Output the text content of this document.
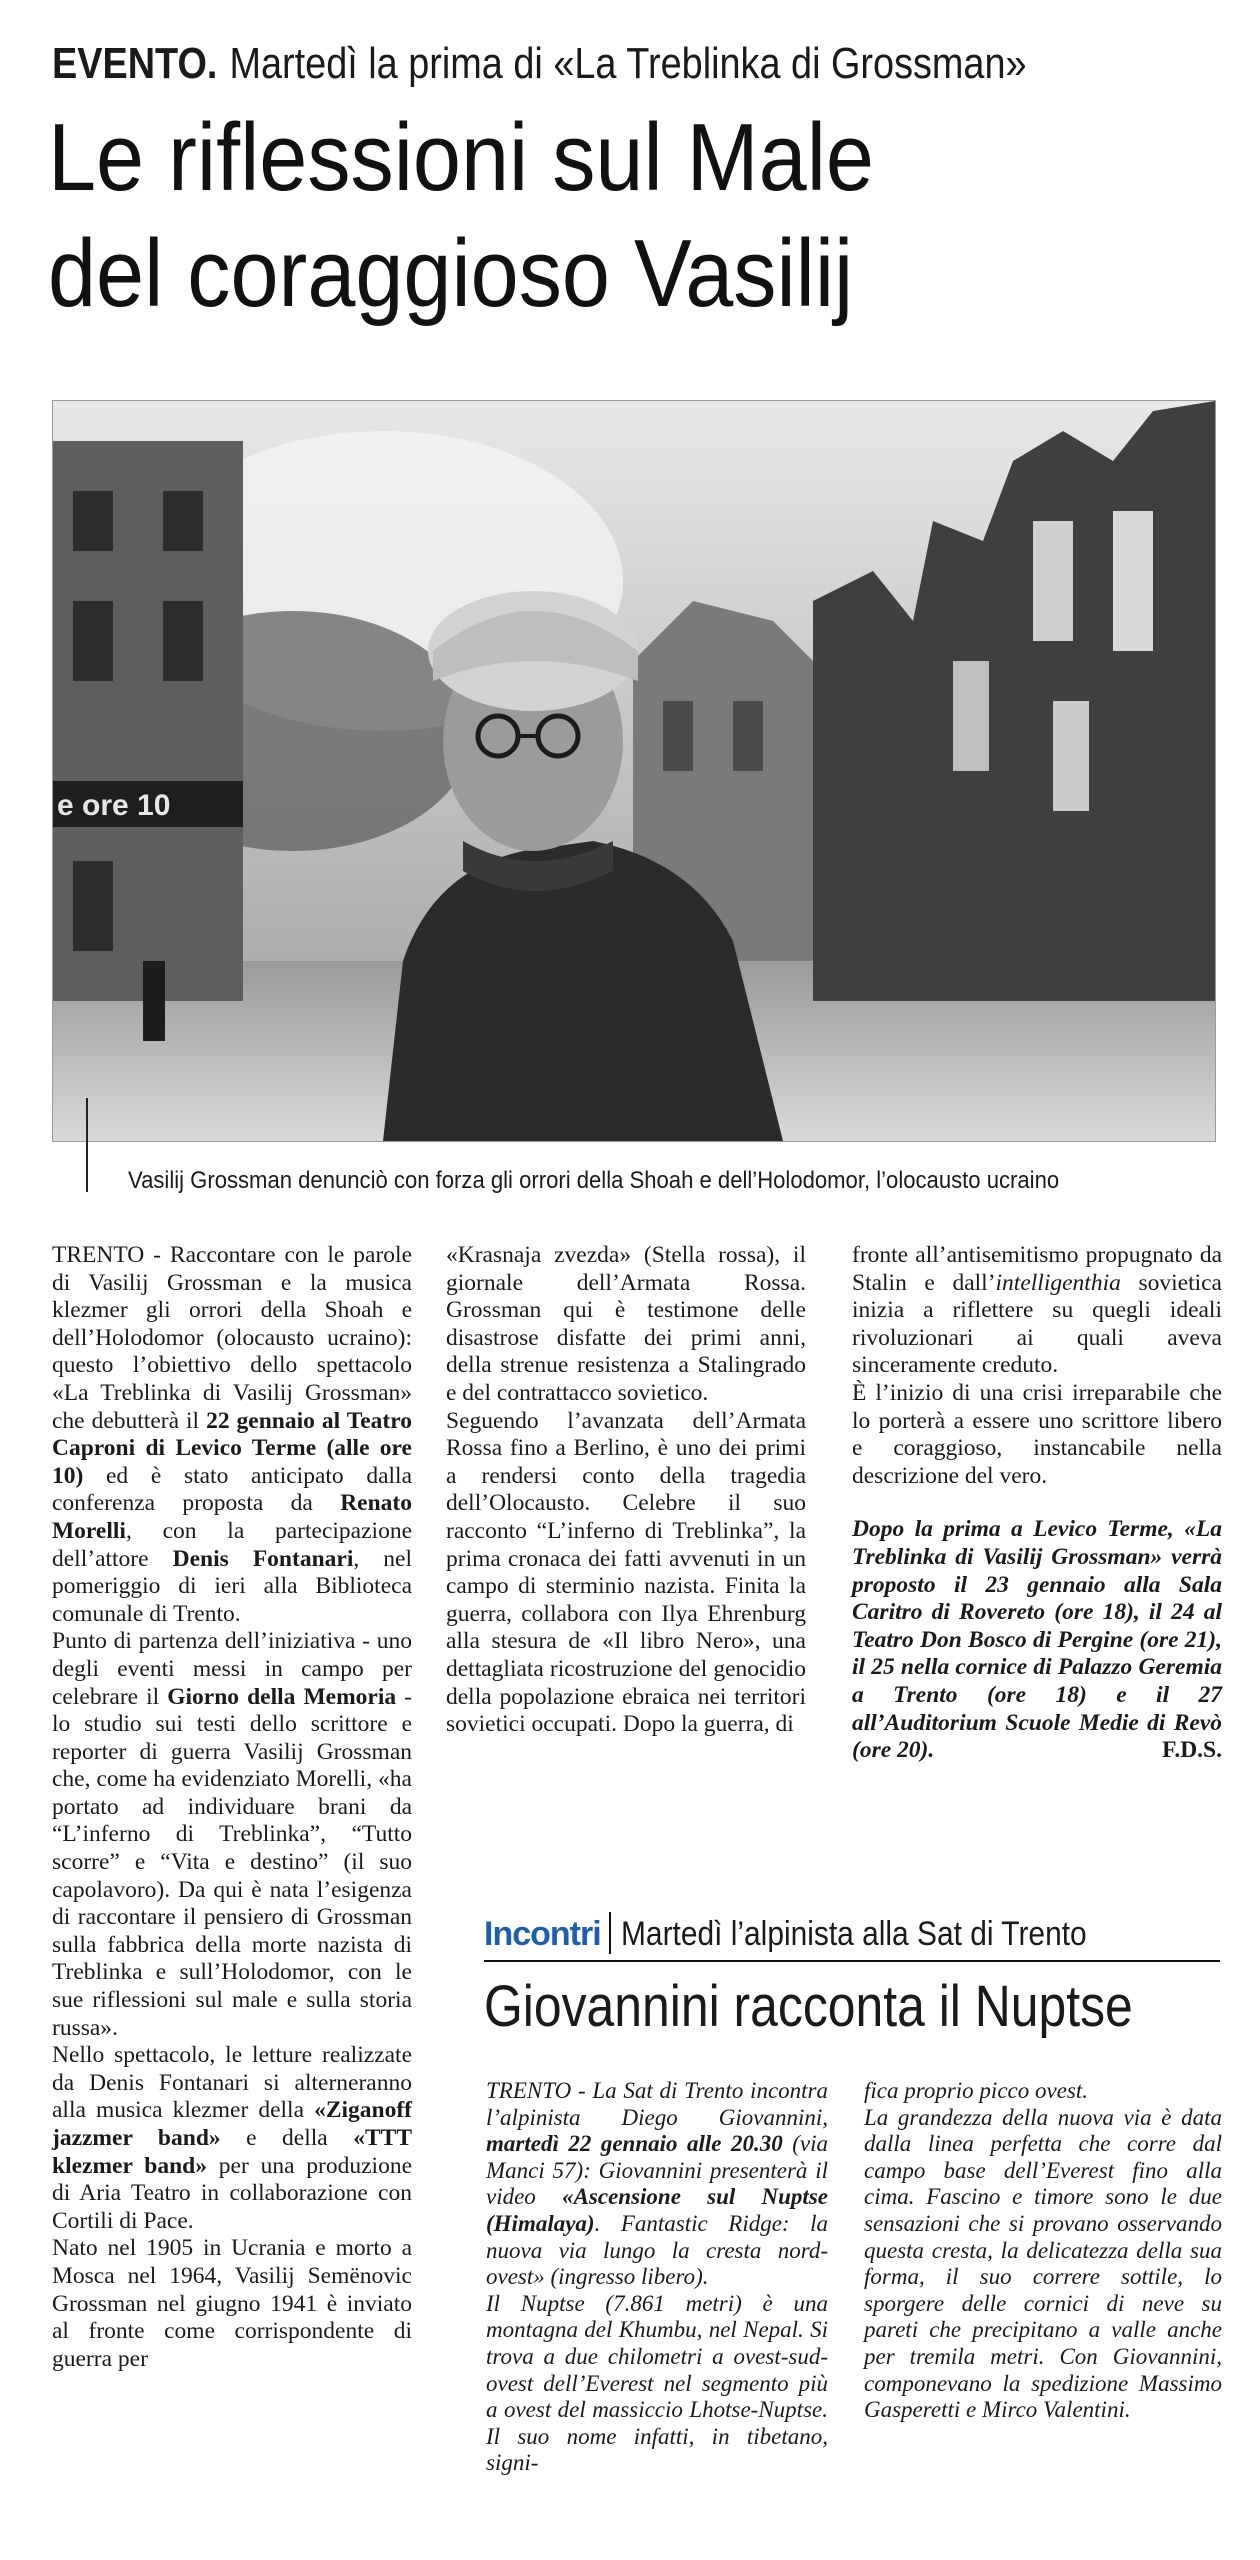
EVENTO. Martedì la prima di «La Treblinka di Grossman»
Le riflessioni sul Male
del coraggioso Vasilij
e ore 10
Vasilij Grossman denunciò con forza gli orrori della Shoah e dell’Holodomor, l’olocausto ucraino

TRENTO - Raccontare con le parole di Vasilij Grossman e la musica klezmer gli orrori della Shoah e dell’Holodomor (olocausto ucraino): questo l’obiettivo dello spettacolo «La Treblinka di Vasilij Grossman» che debutterà il 22 gennaio al Teatro Caproni di Levico Terme (alle ore 10) ed è stato anticipato dalla conferenza proposta da Renato Morelli, con la partecipazione dell’attore Denis Fontanari, nel pomeriggio di ieri alla Biblioteca comunale di Trento.

Punto di partenza dell’iniziativa - uno degli eventi messi in campo per celebrare il Giorno della Memoria - lo studio sui testi dello scrittore e reporter di guerra Vasilij Grossman che, come ha evidenziato Morelli, «ha portato ad individuare brani da “L’inferno di Treblinka”, “Tutto scorre” e “Vita e destino” (il suo capolavoro). Da qui è nata l’esigenza di raccontare il pensiero di Grossman sulla fabbrica della morte nazista di Treblinka e sull’Holodomor, con le sue riflessioni sul male e sulla storia russa».

Nello spettacolo, le letture realizzate da Denis Fontanari si alterneranno alla musica klezmer della «Ziganoff jazzmer band» e della «TTT klezmer band» per una produzione di Aria Teatro in collaborazione con Cortili di Pace.

Nato nel 1905 in Ucrania e morto a Mosca nel 1964, Vasilij Semënovic Grossman nel giugno 1941 è inviato al fronte come corrispondente di guerra per

«Krasnaja zvezda» (Stella rossa), il giornale dell’Armata Rossa. Grossman qui è testimone delle disastrose disfatte dei primi anni, della strenue resistenza a Stalingrado e del contrattacco sovietico.

Seguendo l’avanzata dell’Armata Rossa fino a Berlino, è uno dei primi a rendersi conto della tragedia dell’Olocausto. Celebre il suo racconto “L’inferno di Treblinka”, la prima cronaca dei fatti avvenuti in un campo di sterminio nazista. Finita la guerra, collabora con Ilya Ehrenburg alla stesura de «Il libro Nero», una dettagliata ricostruzione del genocidio della popolazione ebraica nei territori sovietici occupati. Dopo la guerra, di

fronte all’antisemitismo propugnato da Stalin e dall’intelligenthia sovietica inizia a riflettere su quegli ideali rivoluzionari ai quali aveva sinceramente creduto.

È l’inizio di una crisi irreparabile che lo porterà a essere uno scrittore libero e coraggioso, instancabile nella descrizione del vero.

Dopo la prima a Levico Terme, «La Treblinka di Vasilij Grossman» verrà proposto il 23 gennaio alla Sala Caritro di Rovereto (ore 18), il 24 al Teatro Don Bosco di Pergine (ore 21), il 25 nella cornice di Palazzo Geremia a Trento (ore 18) e il 27 all’Auditorium Scuole Medie di Revò (ore 20).	F.D.S.

Incontri Martedì l’alpinista alla Sat di Trento
Giovannini racconta il Nuptse

TRENTO - La Sat di Trento incontra l’alpinista Diego Giovannini, martedì 22 gennaio alle 20.30 (via Manci 57): Giovannini presenterà il video «Ascensione sul Nuptse (Himalaya). Fantastic Ridge: la nuova via lungo la cresta nord-ovest» (ingresso libero).

Il Nuptse (7.861 metri) è una montagna del Khumbu, nel Nepal. Si trova a due chilometri a ovest-sud-ovest dell’Everest nel segmento più a ovest del massiccio Lhotse-Nuptse. Il suo nome infatti, in tibetano, signi-

fica proprio picco ovest.

La grandezza della nuova via è data dalla linea perfetta che corre dal campo base dell’Everest fino alla cima. Fascino e timore sono le due sensazioni che si provano osservando questa cresta, la delicatezza della sua forma, il suo correre sottile, lo sporgere delle cornici di neve su pareti che precipitano a valle anche per tremila metri. Con Giovannini, componevano la spedizione Massimo Gasperetti e Mirco Valentini.
